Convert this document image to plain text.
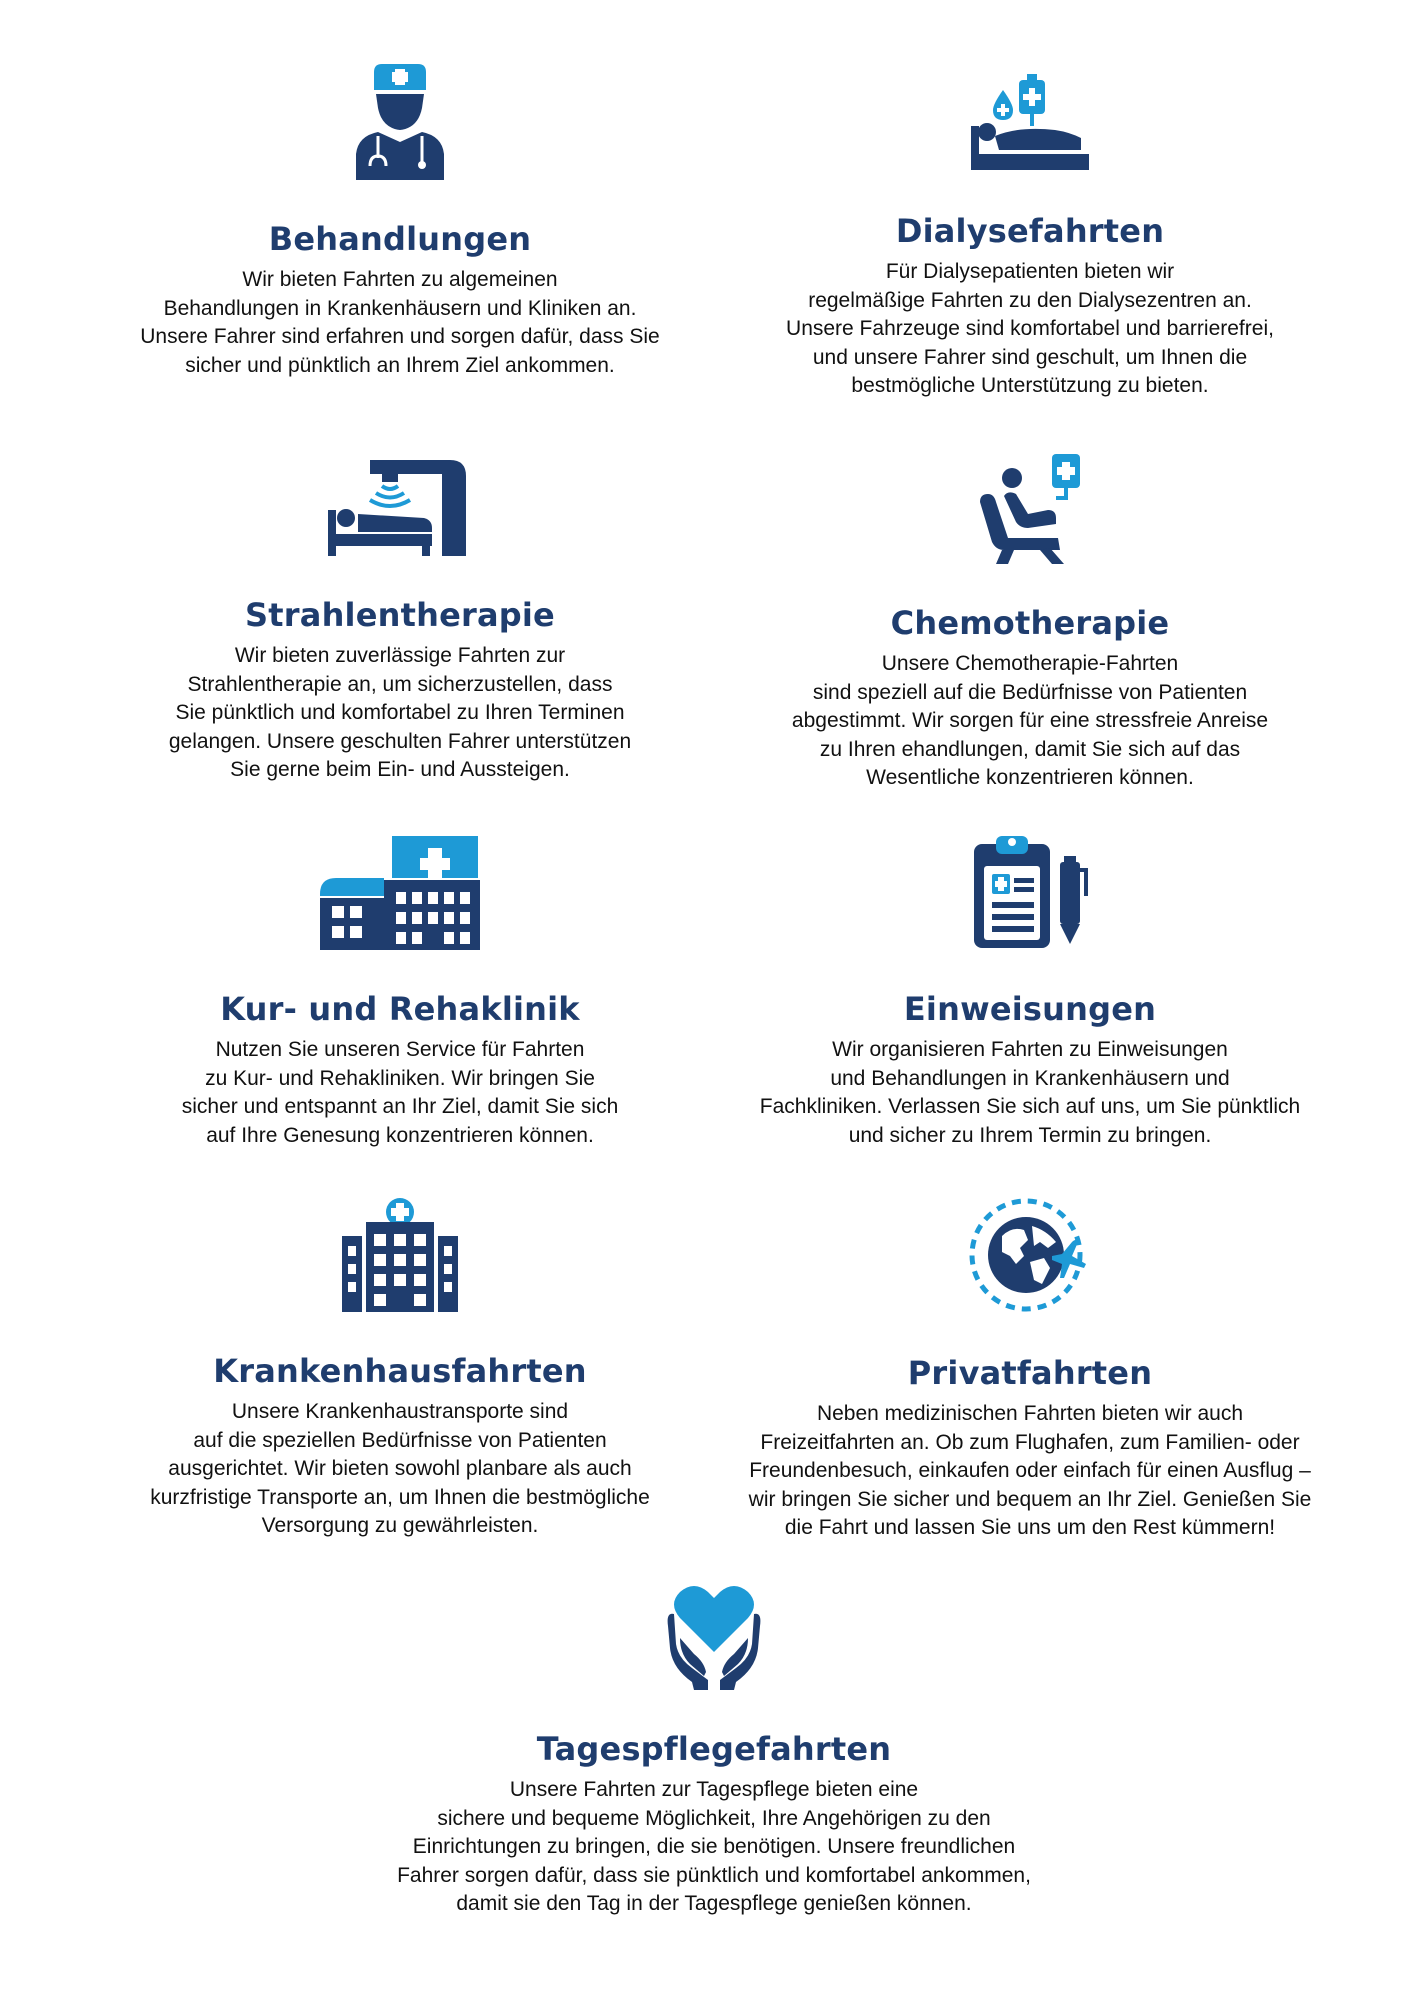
Behandlungen

Wir bieten Fahrten zu algemeinen
Behandlungen in Krankenhäusern und Kliniken an.
Unsere Fahrer sind erfahren und sorgen dafür, dass Sie
sicher und pünktlich an Ihrem Ziel ankommen.

Dialysefahrten

Für Dialysepatienten bieten wir
regelmäßige Fahrten zu den Dialysezentren an.
Unsere Fahrzeuge sind komfortabel und barrierefrei,
und unsere Fahrer sind geschult, um Ihnen die
bestmögliche Unterstützung zu bieten.

Strahlentherapie

Wir bieten zuverlässige Fahrten zur
Strahlentherapie an, um sicherzustellen, dass
Sie pünktlich und komfortabel zu Ihren Terminen
gelangen. Unsere geschulten Fahrer unterstützen
Sie gerne beim Ein- und Aussteigen.

Chemotherapie

Unsere Chemotherapie-Fahrten
sind speziell auf die Bedürfnisse von Patienten
abgestimmt. Wir sorgen für eine stressfreie Anreise
zu Ihren ehandlungen, damit Sie sich auf das
Wesentliche konzentrieren können.

Kur- und Rehaklinik

Nutzen Sie unseren Service für Fahrten
zu Kur- und Rehakliniken. Wir bringen Sie
sicher und entspannt an Ihr Ziel, damit Sie sich
auf Ihre Genesung konzentrieren können.

Einweisungen

Wir organisieren Fahrten zu Einweisungen
und Behandlungen in Krankenhäusern und
Fachkliniken. Verlassen Sie sich auf uns, um Sie pünktlich
und sicher zu Ihrem Termin zu bringen.

Krankenhausfahrten

Unsere Krankenhaustransporte sind
auf die speziellen Bedürfnisse von Patienten
ausgerichtet. Wir bieten sowohl planbare als auch
kurzfristige Transporte an, um Ihnen die bestmögliche
Versorgung zu gewährleisten.

Privatfahrten

Neben medizinischen Fahrten bieten wir auch
Freizeitfahrten an. Ob zum Flughafen, zum Familien- oder
Freundenbesuch, einkaufen oder einfach für einen Ausflug –
wir bringen Sie sicher und bequem an Ihr Ziel. Genießen Sie
die Fahrt und lassen Sie uns um den Rest kümmern!

Tagespflegefahrten

Unsere Fahrten zur Tagespflege bieten eine
sichere und bequeme Möglichkeit, Ihre Angehörigen zu den
Einrichtungen zu bringen, die sie benötigen. Unsere freundlichen
Fahrer sorgen dafür, dass sie pünktlich und komfortabel ankommen,
damit sie den Tag in der Tagespflege genießen können.
